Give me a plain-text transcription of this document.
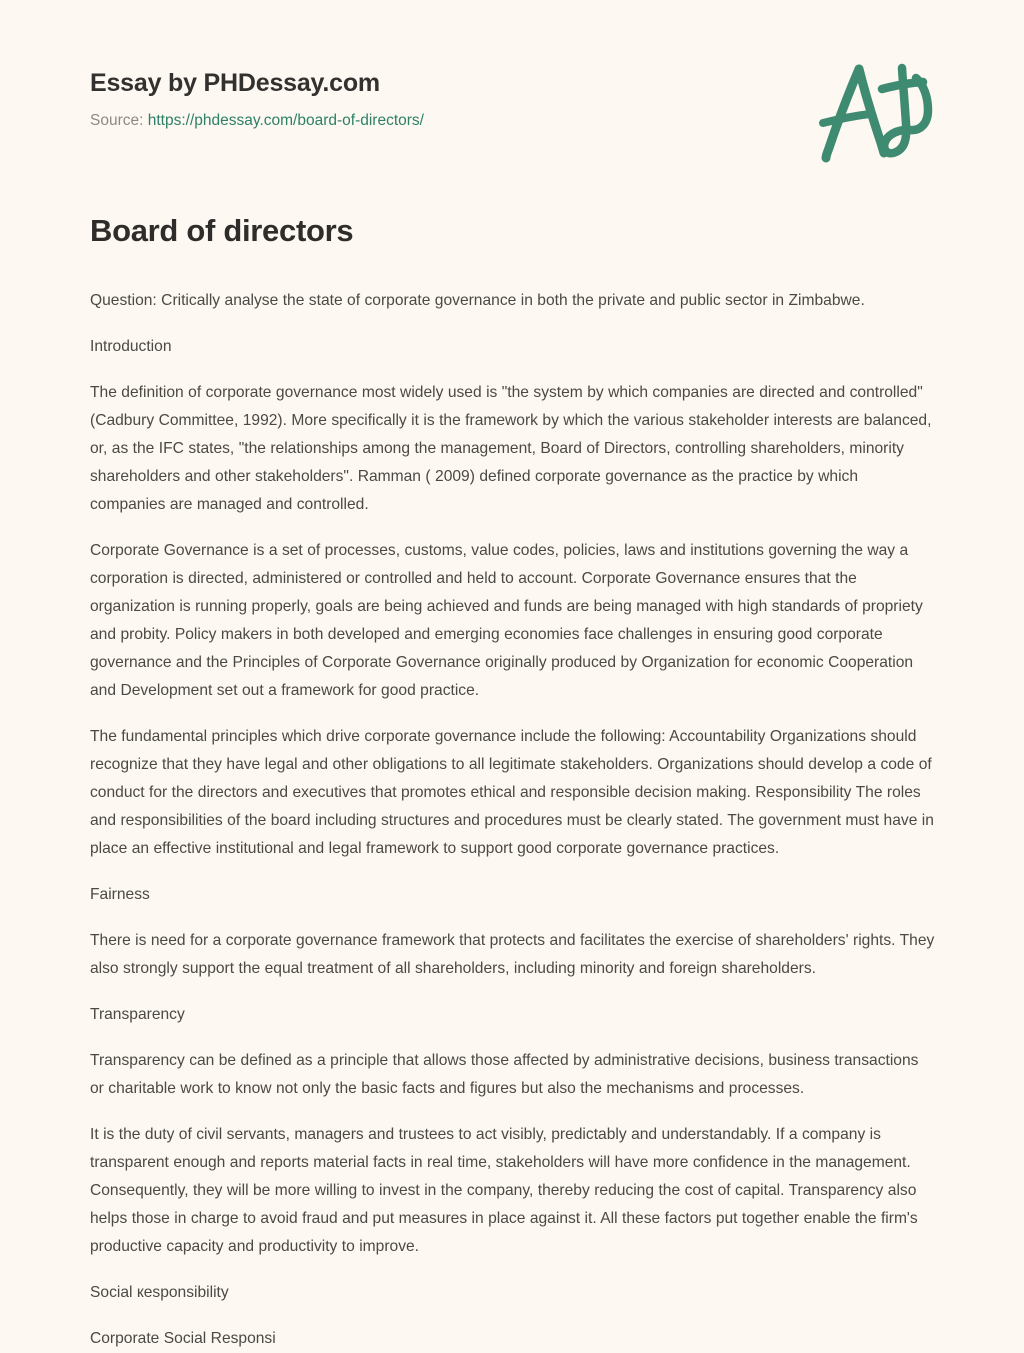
Essay by PHDessay.com
Source: https://phdessay.com/board-of-directors/
Board of directors

Question: Critically analyse the state of corporate governance in both the private and public sector in Zimbabwe.

Introduction

The definition of corporate governance most widely used is "the system by which companies are directed and controlled" (Cadbury Committee, 1992). More specifically it is the framework by which the various stakeholder interests are balanced, or, as the IFC states, "the relationships among the management, Board of Directors, controlling shareholders, minority shareholders and other stakeholders". Ramman ( 2009) defined corporate governance as the practice by which companies are managed and controlled.

Corporate Governance is a set of processes, customs, value codes, policies, laws and institutions governing the way a corporation is directed, administered or controlled and held to account. Corporate Governance ensures that the organization is running properly, goals are being achieved and funds are being managed with high standards of propriety and probity. Policy makers in both developed and emerging economies face challenges in ensuring good corporate governance and the Principles of Corporate Governance originally produced by Organization for economic Cooperation and Development set out a framework for good practice.

The fundamental principles which drive corporate governance include the following: Accountability Organizations should recognize that they have legal and other obligations to all legitimate stakeholders. Organizations should develop a code of conduct for the directors and executives that promotes ethical and responsible decision making. Responsibility The roles and responsibilities of the board including structures and procedures must be clearly stated. The government must have in place an effective institutional and legal framework to support good corporate governance practices.

Fairness

There is need for a corporate governance framework that protects and facilitates the exercise of shareholders' rights. They also strongly support the equal treatment of all shareholders, including minority and foreign shareholders.

Transparency

Transparency can be defined as a principle that allows those affected by administrative decisions, business transactions or charitable work to know not only the basic facts and figures but also the mechanisms and processes.

It is the duty of civil servants, managers and trustees to act visibly, predictably and understandably. If a company is transparent enough and reports material facts in real time, stakeholders will have more confidence in the management. Consequently, they will be more willing to invest in the company, thereby reducing the cost of capital. Transparency also helps those in charge to avoid fraud and put measures in place against it. All these factors put together enable the firm's productive capacity and productivity to improve.

Social кesponsibility

Corporate Social Responsi
